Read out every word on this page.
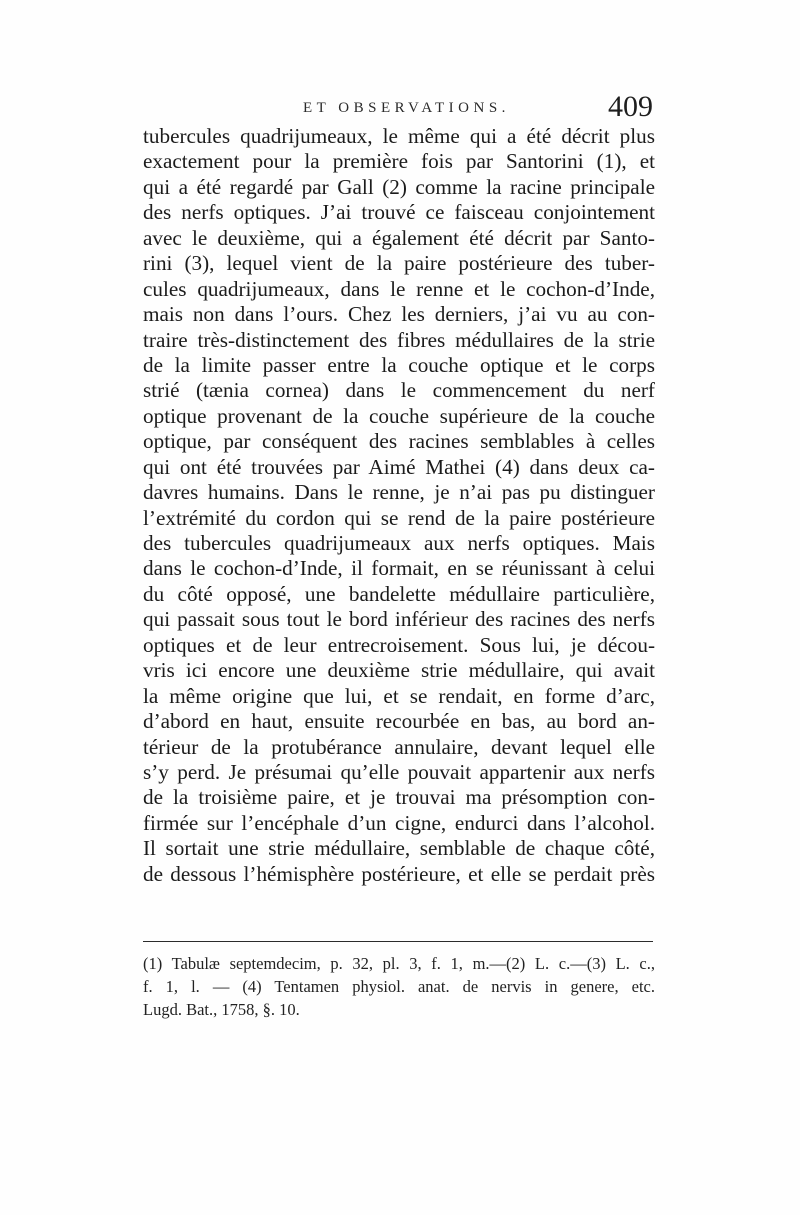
ET OBSERVATIONS.	409
tubercules quadrijumeaux, le même qui a été décrit plus
exactement pour la première fois par Santorini (1), et
qui a été regardé par Gall (2) comme la racine principale
des nerfs optiques. J’ai trouvé ce faisceau conjointement
avec le deuxième, qui a également été décrit par Santo-
rini (3), lequel vient de la paire postérieure des tuber-
cules quadrijumeaux, dans le renne et le cochon-d’Inde,
mais non dans l’ours. Chez les derniers, j’ai vu au con-
traire très-distinctement des fibres médullaires de la strie
de la limite passer entre la couche optique et le corps
strié (tænia cornea) dans le commencement du nerf
optique provenant de la couche supérieure de la couche
optique, par conséquent des racines semblables à celles
qui ont été trouvées par Aimé Mathei (4) dans deux ca-
davres humains. Dans le renne, je n’ai pas pu distinguer
l’extrémité du cordon qui se rend de la paire postérieure
des tubercules quadrijumeaux aux nerfs optiques. Mais
dans le cochon-d’Inde, il formait, en se réunissant à celui
du côté opposé, une bandelette médullaire particulière,
qui passait sous tout le bord inférieur des racines des nerfs
optiques et de leur entrecroisement. Sous lui, je décou-
vris ici encore une deuxième strie médullaire, qui avait
la même origine que lui, et se rendait, en forme d’arc,
d’abord en haut, ensuite recourbée en bas, au bord an-
térieur de la protubérance annulaire, devant lequel elle
s’y perd. Je présumai qu’elle pouvait appartenir aux nerfs
de la troisième paire, et je trouvai ma présomption con-
firmée sur l’encéphale d’un cigne, endurci dans l’alcohol.
Il sortait une strie médullaire, semblable de chaque côté,
de dessous l’hémisphère postérieure, et elle se perdait près
(1) Tabulæ septemdecim, p. 32, pl. 3, f. 1, m.—(2) L. c.—(3) L. c.,
f. 1, l. — (4) Tentamen physiol. anat. de nervis in genere, etc.
Lugd. Bat., 1758, §. 10.
